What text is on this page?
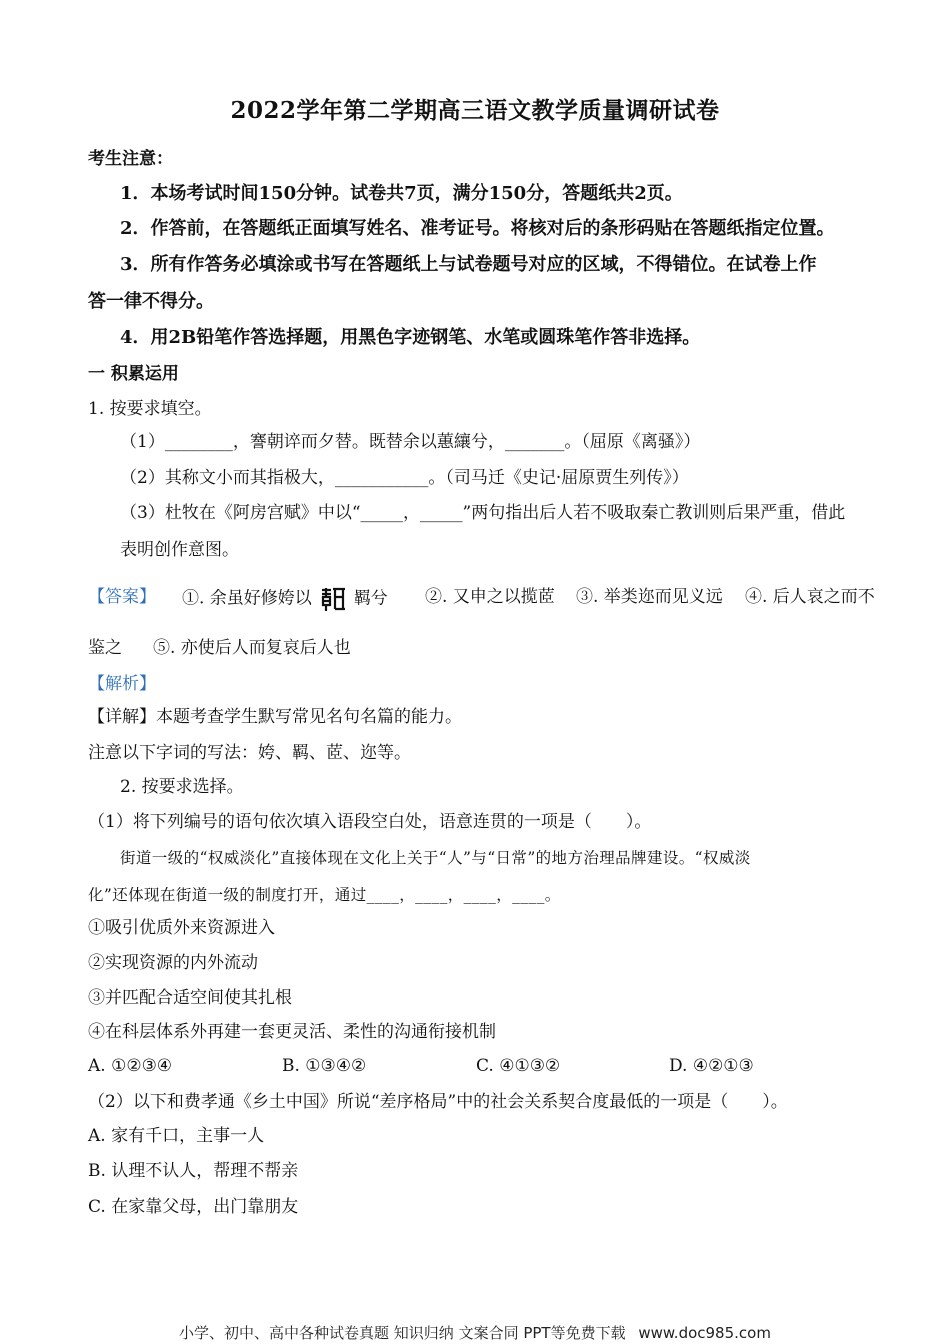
2022学年第二学期高三语文教学质量调研试卷
考生注意：
1．本场考试时间150分钟。试卷共7页，满分150分，答题纸共2页。
2．作答前，在答题纸正面填写姓名、准考证号。将核对后的条形码贴在答题纸指定位置。
3．所有作答务必填涂或书写在答题纸上与试卷题号对应的区域，不得错位。在试卷上作
答一律不得分。
4．用2B铅笔作答选择题，用黑色字迹钢笔、水笔或圆珠笔作答非选择。
一 积累运用
1. 按要求填空。
（1）________，謇朝谇而夕替。既替余以蕙纕兮，_______。（屈原《离骚》）
（2）其称文小而其指极大，___________。（司马迁《史记·屈原贾生列传》）
（3）杜牧在《阿房宫赋》中以“_____，_____”两句指出后人若不吸取秦亡教训则后果严重，借此
表明创作意图。
【答案】 ①. 余虽好修姱以 羁兮 ②. 又申之以揽茝 ③. 举类迩而见义远 ④. 后人哀之而不
鉴之 ⑤. 亦使后人而复哀后人也
【解析】
【详解】本题考查学生默写常见名句名篇的能力。
注意以下字词的写法：姱、羁、茝、迩等。
2. 按要求选择。
（1）将下列编号的语句依次填入语段空白处，语意连贯的一项是（　　）。
街道一级的“权威淡化”直接体现在文化上关于“人”与“日常”的地方治理品牌建设。“权威淡
化”还体现在街道一级的制度打开，通过____，____，____，____。
①吸引优质外来资源进入
②实现资源的内外流动
③并匹配合适空间使其扎根
④在科层体系外再建一套更灵活、柔性的沟通衔接机制
A. ①②③④	B. ①③④②	C. ④①③②	D. ④②①③
（2）以下和费孝通《乡土中国》所说“差序格局”中的社会关系契合度最低的一项是（　　）。
A. 家有千口，主事一人
B. 认理不认人，帮理不帮亲
C. 在家靠父母，出门靠朋友
小学、初中、高中各种试卷真题 知识归纳 文案合同 PPT等免费下载 www.doc985.com
